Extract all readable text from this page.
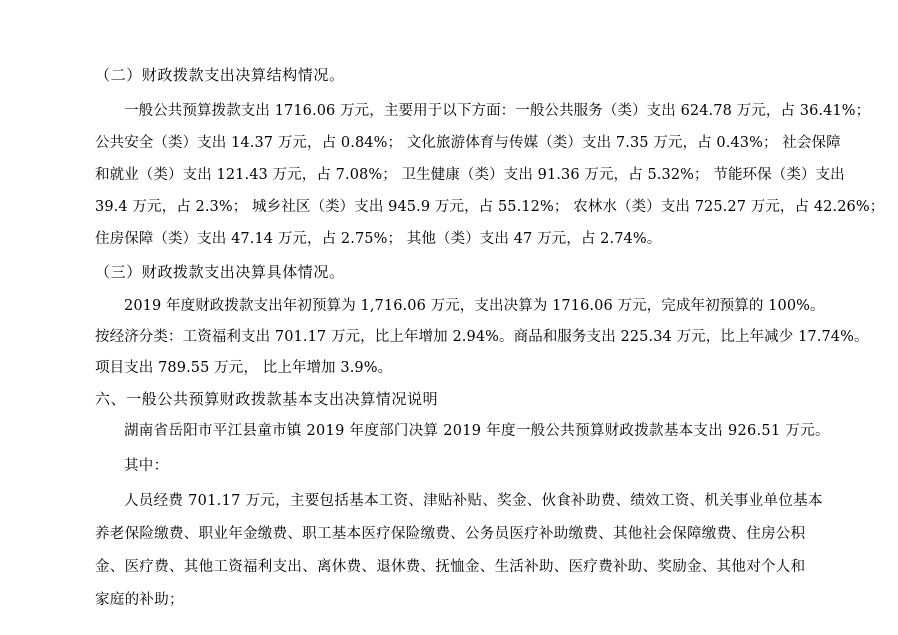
（二）财政拨款支出决算结构情况。
一般公共预算拨款支出 1716.06 万元，主要用于以下方面：一般公共服务（类）支出 624.78 万元，占 36.41%；
公共安全（类）支出 14.37 万元，占 0.84%； 文化旅游体育与传媒（类）支出 7.35 万元，占 0.43%； 社会保障
和就业（类）支出 121.43 万元，占 7.08%； 卫生健康（类）支出 91.36 万元，占 5.32%； 节能环保（类）支出
39.4 万元，占 2.3%； 城乡社区（类）支出 945.9 万元，占 55.12%； 农林水（类）支出 725.27 万元，占 42.26%；
住房保障（类）支出 47.14 万元，占 2.75%； 其他（类）支出 47 万元，占 2.74%。
（三）财政拨款支出决算具体情况。
2019 年度财政拨款支出年初预算为 1,716.06 万元，支出决算为 1716.06 万元，完成年初预算的 100%。
按经济分类：工资福利支出 701.17 万元，比上年增加 2.94%。商品和服务支出 225.34 万元，比上年减少 17.74%。
项目支出 789.55 万元， 比上年增加 3.9%。
六、一般公共预算财政拨款基本支出决算情况说明
湖南省岳阳市平江县童市镇 2019 年度部门决算 2019 年度一般公共预算财政拨款基本支出 926.51 万元。
其中：
人员经费 701.17 万元，主要包括基本工资、津贴补贴、奖金、伙食补助费、绩效工资、机关事业单位基本
养老保险缴费、职业年金缴费、职工基本医疗保险缴费、公务员医疗补助缴费、其他社会保障缴费、住房公积
金、医疗费、其他工资福利支出、离休费、退休费、抚恤金、生活补助、医疗费补助、奖励金、其他对个人和
家庭的补助；
